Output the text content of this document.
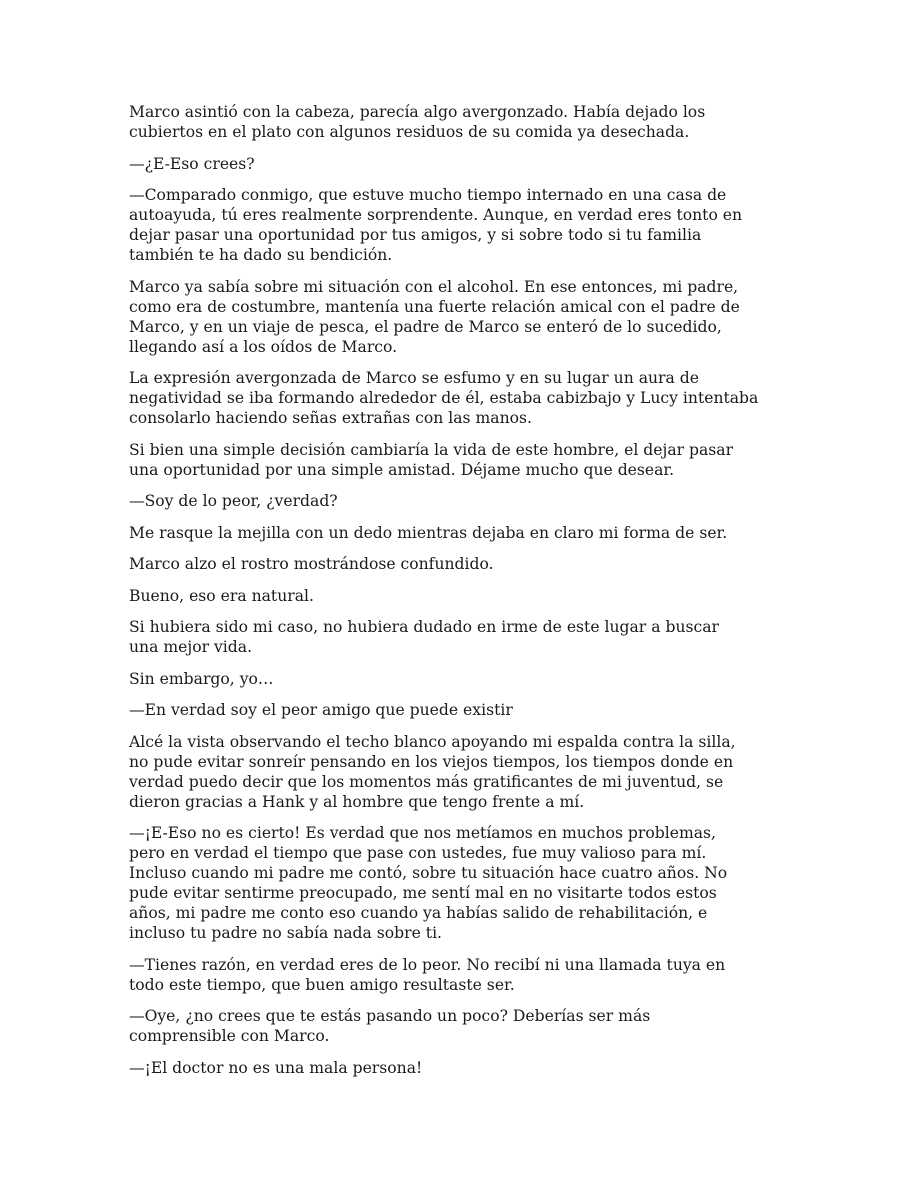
Marco asintió con la cabeza, parecía algo avergonzado. Había dejado los
cubiertos en el plato con algunos residuos de su comida ya desechada.

—¿E-Eso crees?

—Comparado conmigo, que estuve mucho tiempo internado en una casa de
autoayuda, tú eres realmente sorprendente. Aunque, en verdad eres tonto en
dejar pasar una oportunidad por tus amigos, y si sobre todo si tu familia
también te ha dado su bendición.

Marco ya sabía sobre mi situación con el alcohol. En ese entonces, mi padre,
como era de costumbre, mantenía una fuerte relación amical con el padre de
Marco, y en un viaje de pesca, el padre de Marco se enteró de lo sucedido,
llegando así a los oídos de Marco.

La expresión avergonzada de Marco se esfumo y en su lugar un aura de
negatividad se iba formando alrededor de él, estaba cabizbajo y Lucy intentaba
consolarlo haciendo señas extrañas con las manos.

Si bien una simple decisión cambiaría la vida de este hombre, el dejar pasar
una oportunidad por una simple amistad. Déjame mucho que desear.

—Soy de lo peor, ¿verdad?

Me rasque la mejilla con un dedo mientras dejaba en claro mi forma de ser.

Marco alzo el rostro mostrándose confundido.

Bueno, eso era natural.

Si hubiera sido mi caso, no hubiera dudado en irme de este lugar a buscar
una mejor vida.

Sin embargo, yo…

—En verdad soy el peor amigo que puede existir

Alcé la vista observando el techo blanco apoyando mi espalda contra la silla,
no pude evitar sonreír pensando en los viejos tiempos, los tiempos donde en
verdad puedo decir que los momentos más gratificantes de mi juventud, se
dieron gracias a Hank y al hombre que tengo frente a mí.

—¡E-Eso no es cierto! Es verdad que nos metíamos en muchos problemas,
pero en verdad el tiempo que pase con ustedes, fue muy valioso para mí.
Incluso cuando mi padre me contó, sobre tu situación hace cuatro años. No
pude evitar sentirme preocupado, me sentí mal en no visitarte todos estos
años, mi padre me conto eso cuando ya habías salido de rehabilitación, e
incluso tu padre no sabía nada sobre ti.

—Tienes razón, en verdad eres de lo peor. No recibí ni una llamada tuya en
todo este tiempo, que buen amigo resultaste ser.

—Oye, ¿no crees que te estás pasando un poco? Deberías ser más
comprensible con Marco.

—¡El doctor no es una mala persona!
